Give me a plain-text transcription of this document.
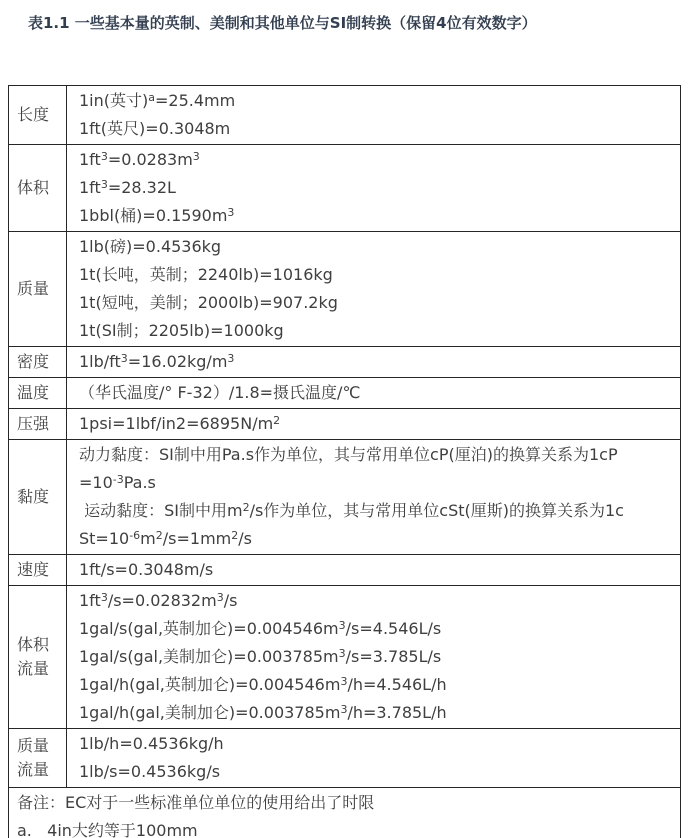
表1.1 一些基本量的英制、美制和其他单位与SI制转换（保留4位有效数字）
长度	1in(英寸)$^a$=25.4mm
1ft(英尺)=0.3048m

体积	$1ft^3=0.0283m^3$
$1ft^3=28.32L$
1bbl(桶)$=0.1590m^3$

质量	1lb(磅)=0.4536kg
1t(长吨，英制；2240lb)=1016kg
1t(短吨，美制；2000lb)=907.2kg
1t(SI制；2205lb)=1000kg

密度	$1lb/ft^3=16.02kg/m^3$

温度	（华氏温度/° F-32）/1.8=摄氏温度/℃

压强	$1psi=1lbf/in2=6895N/m^2$

黏度	动力黏度：SI制中用Pa.s作为单位，其与常用单位cP(厘泊)的换算关系为1cP
$=10^{-3}Pa.s$
运动黏度：SI制中用$m^2/s$作为单位，其与常用单位cSt(厘斯)的换算关系为1c
$St=10^{-6}m^2/s=1mm^2/s$

速度	1ft/s=0.3048m/s

体积流量	$1ft^3/s=0.02832m^3/s$
1gal/s(gal,英制加仑)$=0.004546m^3/s=4.546L/s$
1gal/s(gal,美制加仑)$=0.003785m^3/s=3.785L/s$
1gal/h(gal,英制加仑)$=0.004546m^3/h=4.546L/h$
1gal/h(gal,美制加仑)$=0.003785m^3/h=3.785L/h$

质量流量	1lb/h=0.4536kg/h
1lb/s=0.4536kg/s

备注：EC对于一些标准单位单位的使用给出了时限
a.   4in大约等于100mm	
